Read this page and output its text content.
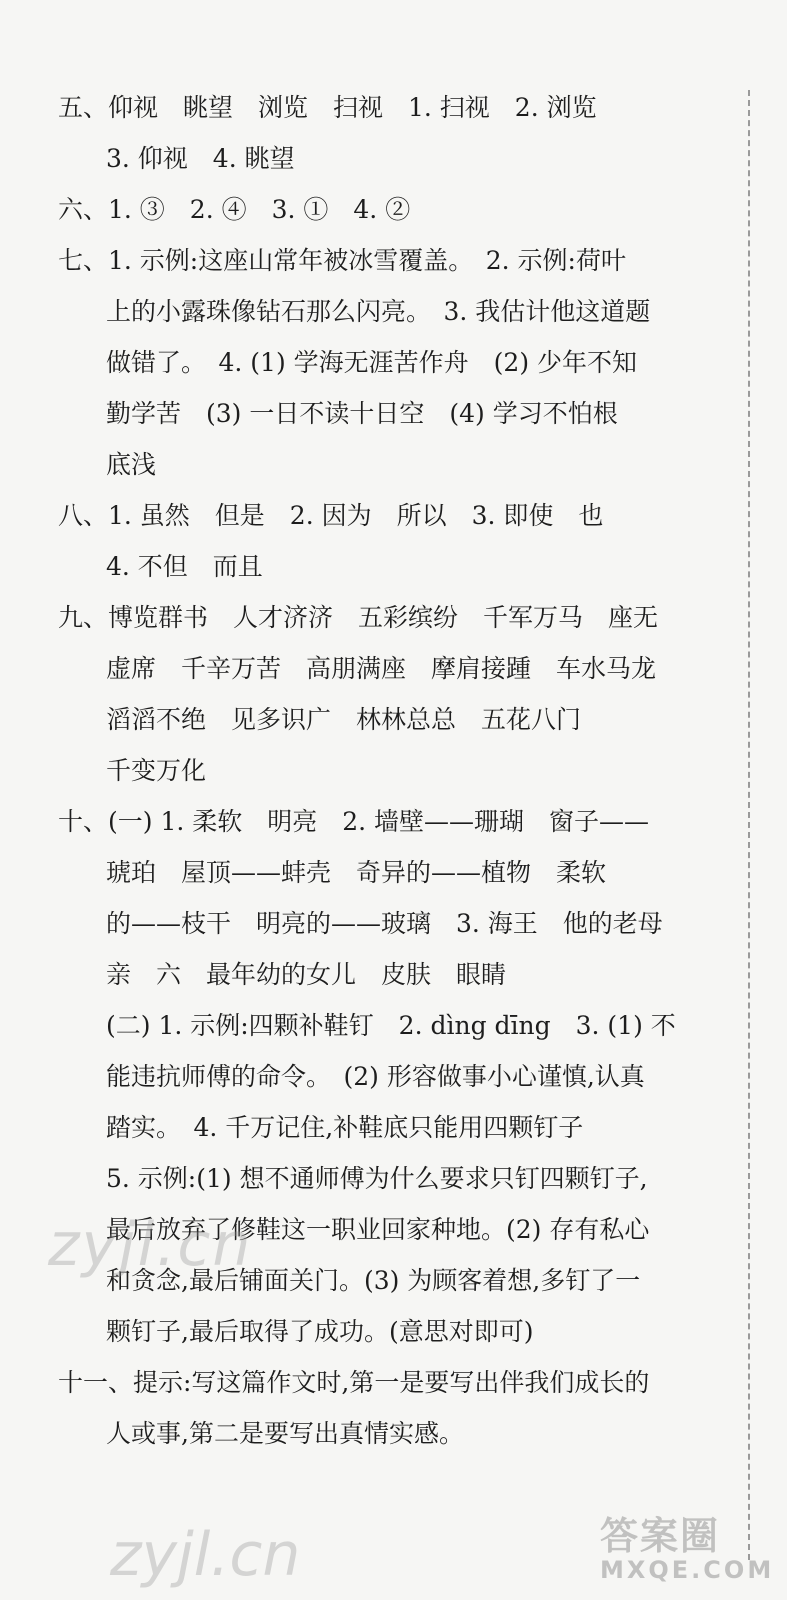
五、仰视　眺望　浏览　扫视　1. 扫视　2. 浏览
3. 仰视　4. 眺望
六、1. ③　2. ④　3. ①　4. ②
七、1. 示例:这座山常年被冰雪覆盖。　2. 示例:荷叶
上的小露珠像钻石那么闪亮。　3. 我估计他这道题
做错了。　4. (1) 学海无涯苦作舟　(2) 少年不知
勤学苦　(3) 一日不读十日空　(4) 学习不怕根
底浅
八、1. 虽然　但是　2. 因为　所以　3. 即使　也
4. 不但　而且
九、博览群书　人才济济　五彩缤纷　千军万马　座无
虚席　千辛万苦　高朋满座　摩肩接踵　车水马龙
滔滔不绝　见多识广　林林总总　五花八门
千变万化
十、(一) 1. 柔软　明亮　2. 墙壁——珊瑚　窗子——
琥珀　屋顶——蚌壳　奇异的——植物　柔软
的——枝干　明亮的——玻璃　3. 海王　他的老母
亲　六　最年幼的女儿　皮肤　眼睛
(二) 1. 示例:四颗补鞋钉　2. dìng dīng　3. (1) 不
能违抗师傅的命令。　(2) 形容做事小心谨慎,认真
踏实。　4. 千万记住,补鞋底只能用四颗钉子
5. 示例:(1) 想不通师傅为什么要求只钉四颗钉子,
最后放弃了修鞋这一职业回家种地。(2) 存有私心
和贪念,最后铺面关门。(3) 为顾客着想,多钉了一
颗钉子,最后取得了成功。(意思对即可)
十一、提示:写这篇作文时,第一是要写出伴我们成长的
人或事,第二是要写出真情实感。
zyjl.cn
zyjl.cn	答案圈
MXQE.COM
